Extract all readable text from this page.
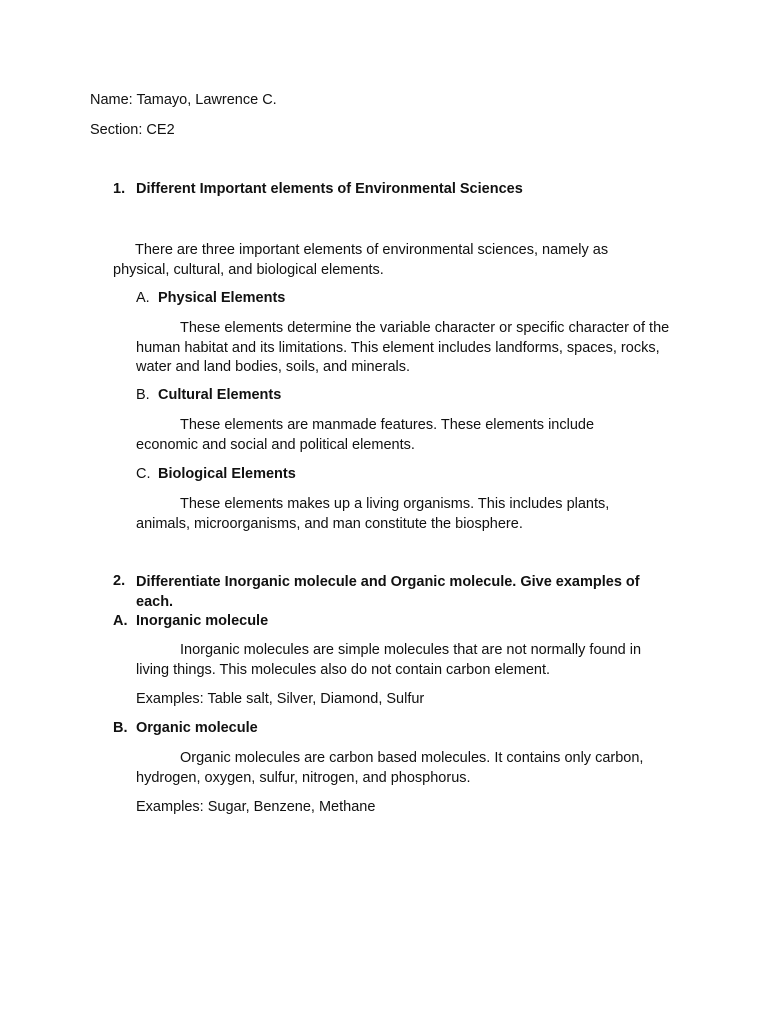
Name: Tamayo, Lawrence C.
Section: CE2
1. Different Important elements of Environmental Sciences

There are three important elements of environmental sciences, namely as physical, cultural, and biological elements.

A. Physical Elements

These elements determine the variable character or specific character of the human habitat and its limitations. This element includes landforms, spaces, rocks, water and land bodies, soils, and minerals.

B. Cultural Elements

These elements are manmade features. These elements include economic and social and political elements.

C. Biological Elements

These elements makes up a living organisms. This includes plants, animals, microorganisms, and man constitute the biosphere.

2. Differentiate Inorganic molecule and Organic molecule. Give examples of each.

A. Inorganic molecule

Inorganic molecules are simple molecules that are not normally found in living things. This molecules also do not contain carbon element.

Examples: Table salt, Silver, Diamond, Sulfur
B. Organic molecule

Organic molecules are carbon based molecules. It contains only carbon, hydrogen, oxygen, sulfur, nitrogen, and phosphorus.

Examples: Sugar, Benzene, Methane
